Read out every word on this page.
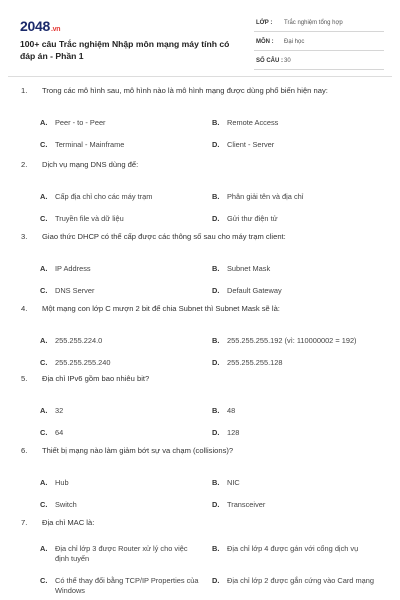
2048.vn
100+ câu Trắc nghiệm Nhập môn mạng máy tính có đáp án - Phần 1
LỚP : Trắc nghiệm tổng hợp
MÔN : Đại học
SỐ CÂU : 30
1. Trong các mô hình sau, mô hình nào là mô hình mạng được dùng phổ biến hiện nay:
A. Peer - to - Peer	B. Remote Access
C. Terminal - Mainframe	D. Client - Server
2. Dịch vụ mạng DNS dùng để:
A. Cấp địa chỉ cho các máy trạm	B. Phân giải tên và địa chỉ
C. Truyền file và dữ liệu	D. Gửi thư điện tử
3. Giao thức DHCP có thể cấp được các thông số sau cho máy trạm client:
A. IP Address	B. Subnet Mask
C. DNS Server	D. Default Gateway
4. Một mạng con lớp C mượn 2 bit để chia Subnet thì Subnet Mask sẽ là:
A. 255.255.224.0	B. 255.255.255.192 (vì: 110000002 = 192)
C. 255.255.255.240	D. 255.255.255.128
5. Địa chỉ IPv6 gồm bao nhiêu bit?
A. 32	B. 48
C. 64	D. 128
6. Thiết bị mạng nào làm giảm bớt sự va chạm (collisions)?
A. Hub	B. NIC
C. Switch	D. Transceiver
7. Địa chỉ MAC là:
A. Địa chỉ lớp 3 được Router xử lý cho việc định tuyến
B. Địa chỉ lớp 4 được gán với cổng dịch vụ
C. Có thể thay đổi bằng TCP/IP Properties của Windows
D. Địa chỉ lớp 2 được gắn cứng vào Card mạng
